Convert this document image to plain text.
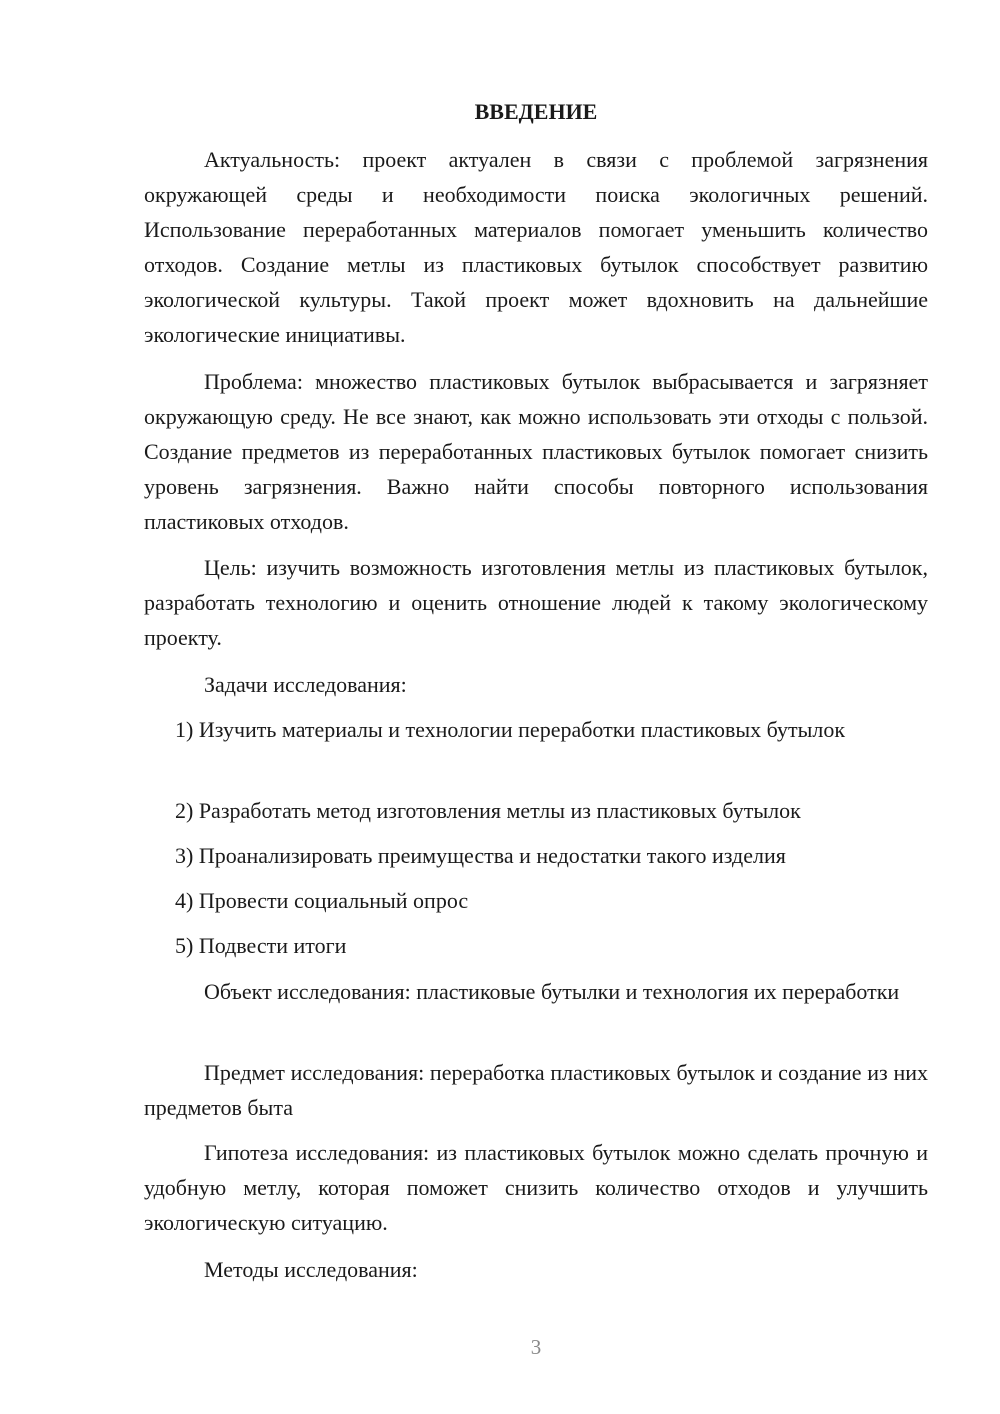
ВВЕДЕНИЕ

Актуальность: проект актуален в связи с проблемой загрязнения окружающей среды и необходимости поиска экологичных решений. Использование переработанных материалов помогает уменьшить количество отходов. Создание метлы из пластиковых бутылок способствует развитию экологической культуры. Такой проект может вдохновить на дальнейшие экологические инициативы.

Проблема: множество пластиковых бутылок выбрасывается и загрязняет окружающую среду. Не все знают, как можно использовать эти отходы с пользой. Создание предметов из переработанных пластиковых бутылок помогает снизить уровень загрязнения. Важно найти способы повторного использования пластиковых отходов.

Цель: изучить возможность изготовления метлы из пластиковых бутылок, разработать технологию и оценить отношение людей к такому экологическому проекту.

Задачи исследования:

1) Изучить материалы и технологии переработки пластиковых бутылок

2) Разработать метод изготовления метлы из пластиковых бутылок

3) Проанализировать преимущества и недостатки такого изделия

4) Провести социальный опрос

5) Подвести итоги

Объект исследования: пластиковые бутылки и технология их переработки

Предмет исследования: переработка пластиковых бутылок и создание из них предметов быта

Гипотеза исследования: из пластиковых бутылок можно сделать прочную и удобную метлу, которая поможет снизить количество отходов и улучшить экологическую ситуацию.

Методы исследования:

3
